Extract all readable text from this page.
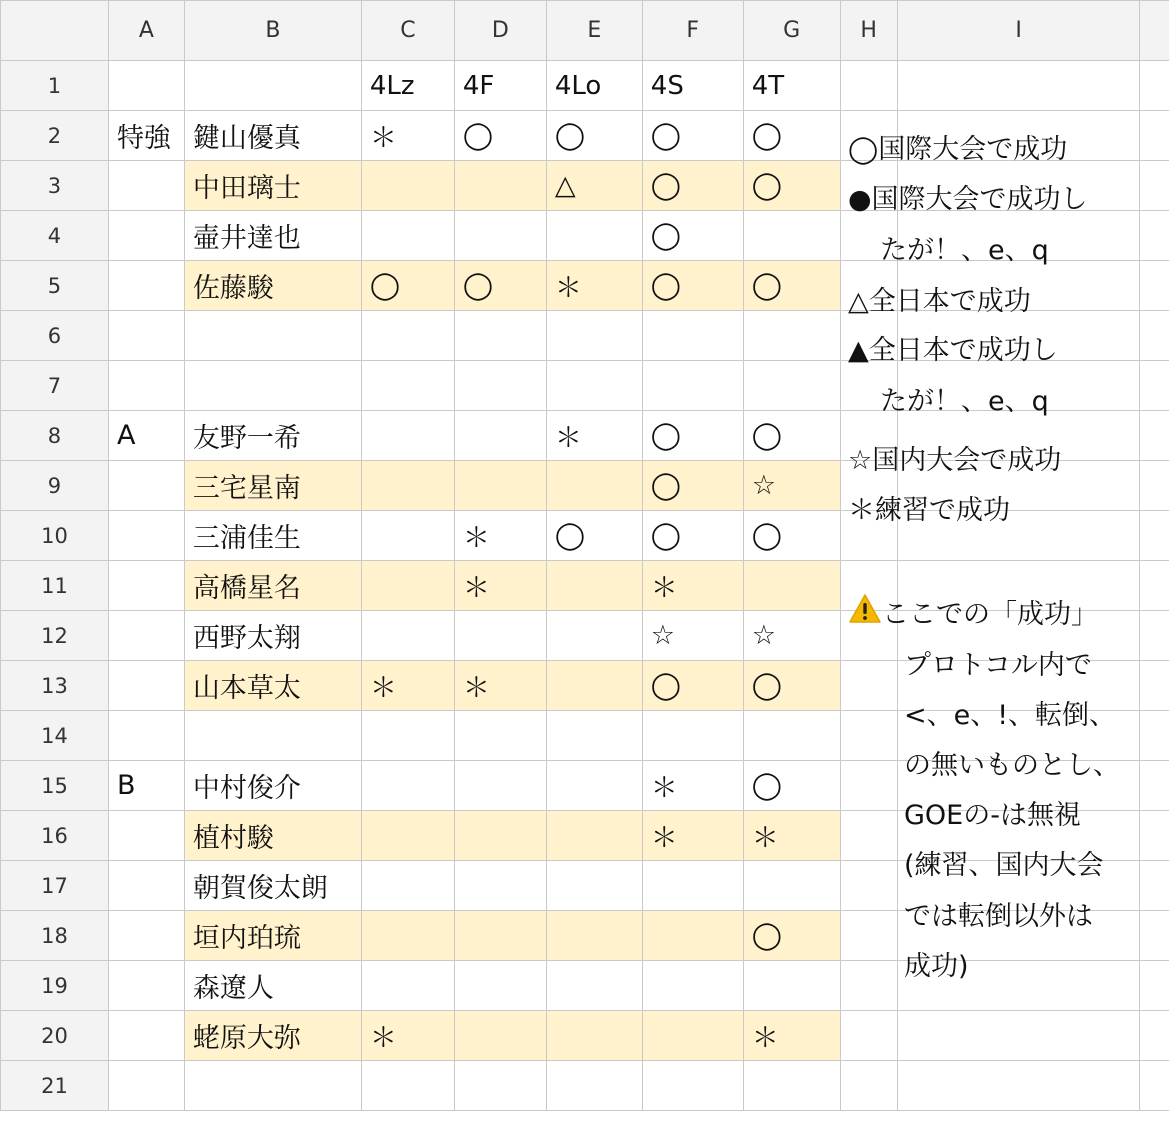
	A	B	C	D	E	F	G	H	I	
1			4Lz	4F	4Lo	4S	4T			
2	特強	鍵山優真	＊	◯	◯	◯	◯			
3		中田璃士			△	◯	◯			
4		壷井達也				◯				
5		佐藤駿	◯	◯	＊	◯	◯			
6										
7										
8	A	友野一希			＊	◯	◯			
9		三宅星南				◯	☆			
10		三浦佳生		＊	◯	◯	◯			
11		高橋星名		＊		＊				
12		西野太翔				☆	☆			
13		山本草太	＊	＊		◯	◯			
14										
15	B	中村俊介				＊	◯			
16		植村駿				＊	＊			
17		朝賀俊太朗								
18		垣内珀琉					◯			
19		森遼人								
20		蛯原大弥	＊				＊			
21										
◯国際大会で成功
●国際大会で成功し
たが！、e、q
△全日本で成功
▲全日本で成功し
たが！、e、q
☆国内大会で成功
＊練習で成功
ここでの「成功」
プロトコル内で
<、e、!、転倒、
の無いものとし、
GOEの-は無視
(練習、国内大会
では転倒以外は
成功)
